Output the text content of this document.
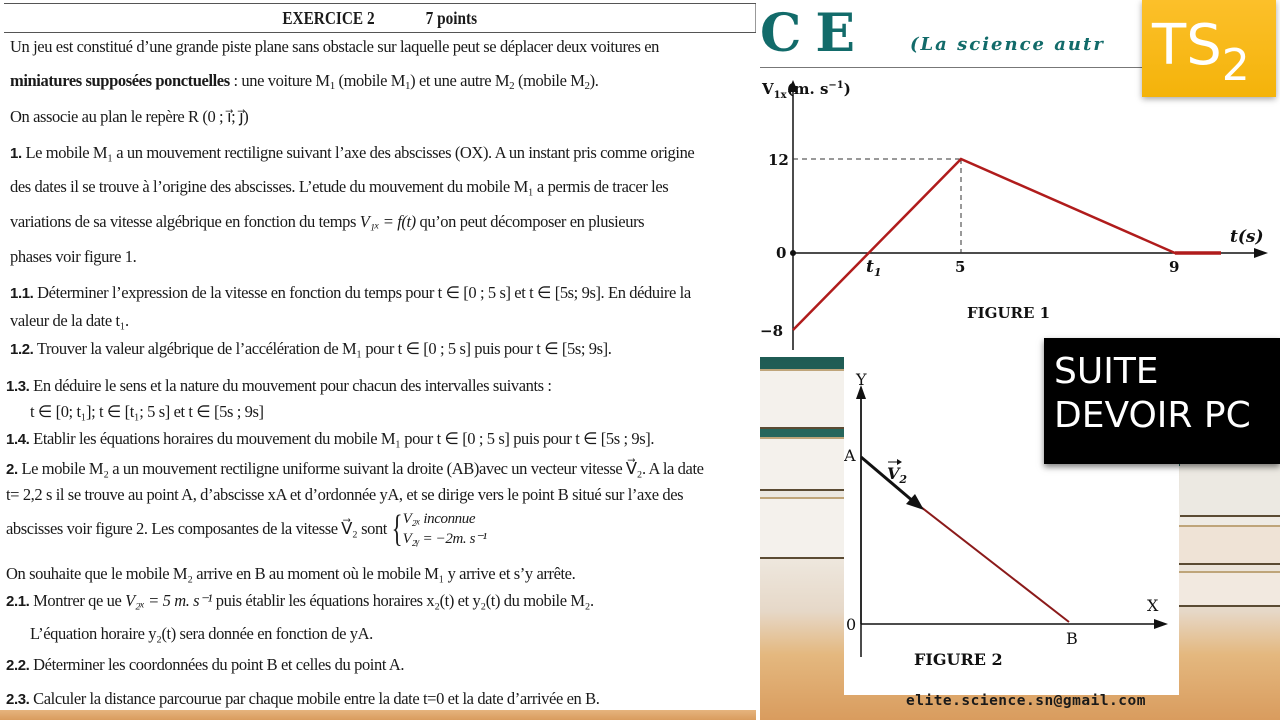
EXERCICE 2	7 points
Un jeu est constitué d’une grande piste plane sans obstacle sur laquelle peut se déplacer deux voitures en
miniatures supposées ponctuelles : une voiture $M_1$ (mobile $M_1$) et une autre $M_2$ (mobile $M_2$).
On associe au plan le repère R (0 ; ı⃗; ȷ⃗)
1. Le mobile M₁ a un mouvement rectiligne suivant l’axe des abscisses (OX). A un instant pris comme origine
des dates il se trouve à l’origine des abscisses. L’etude du mouvement du mobile M₁ a permis de tracer les
variations de sa vitesse algébrique en fonction du temps V₁ₓ = f(t) qu’on peut décomposer en plusieurs
phases voir figure 1.
1.1. Déterminer l’expression de la vitesse en fonction du temps pour t ∈ [0 ; 5 s] et t ∈ [5s; 9s]. En déduire la
valeur de la date t₁.
1.2. Trouver la valeur algébrique de l’accélération de M₁ pour t ∈ [0 ; 5 s] puis pour t ∈ [5s; 9s].
1.3. En déduire le sens et la nature du mouvement pour chacun des intervalles suivants :
t ∈ [0; t₁]; t ∈ [t₁; 5 s] et t ∈ [5s ; 9s]
1.4. Etablir les équations horaires du mouvement du mobile M₁ pour t ∈ [0 ; 5 s] puis pour t ∈ [5s ; 9s].
2. Le mobile M₂ a un mouvement rectiligne uniforme suivant la droite (AB)avec un vecteur vitesse V⃗₂. A la date
t= 2,2 s il se trouve au point A, d’abscisse xA et d’ordonnée yA, et se dirige vers le point B situé sur l’axe des
abscisses voir figure 2. Les composantes de la vitesse V⃗₂ sont { V₂ₓ inconnue
V₂ᵧ = −2m. s⁻¹
On souhaite que le mobile M₂ arrive en B au moment où le mobile M₁ y arrive et s’y arrête.
2.1. Montrer qe ue V₂ₓ = 5 m. s⁻¹ puis établir les équations horaires x₂(t) et y₂(t) du mobile M₂.
L’équation horaire y₂(t) sera donnée en fonction de yA.
2.2. Déterminer les coordonnées du point B et celles du point A.
2.3. Calculer la distance parcourue par chaque mobile entre la date t=0 et la date d’arrivée en B.
CE (La science autr
$V_{1x}(m$. $s^{-1}$)
12
0
−8
$t_1$	5	9
t(s)
FIGURE 1
Y
A
$V_2$
0
B
X
FIGURE 2
elite.science.sn@gmail.com
SUITE
DEVOIR PC
$TS_2$
